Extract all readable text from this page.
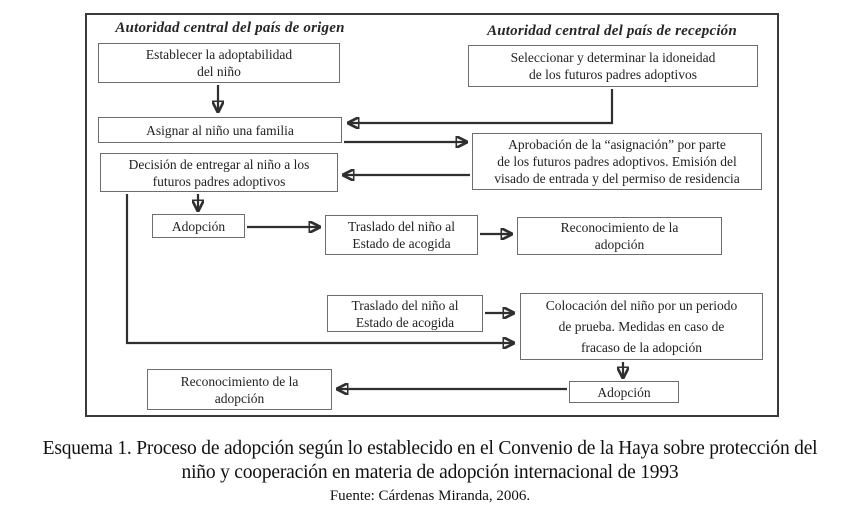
Autoridad central del país de origen	Autoridad central del país de recepción
Establecer la adoptabilidad
del niño
Seleccionar y determinar la idoneidad
de los futuros padres adoptivos
Asignar al niño una familia
Aprobación de la “asignación” por parte
de los futuros padres adoptivos. Emisión del
visado de entrada y del permiso de residencia
Decisión de entregar al niño a los
futuros padres adoptivos
Adopción	Traslado del niño al
Estado de acogida
Reconocimiento de la
adopción
Traslado del niño al
Estado de acogida
Colocación del niño por un periodo
de prueba. Medidas en caso de
fracaso de la adopción
Adopción
Reconocimiento de la
adopción
Esquema 1. Proceso de adopción según lo establecido en el Convenio de la Haya sobre protección del
niño y cooperación en materia de adopción internacional de 1993
Fuente: Cárdenas Miranda, 2006.
